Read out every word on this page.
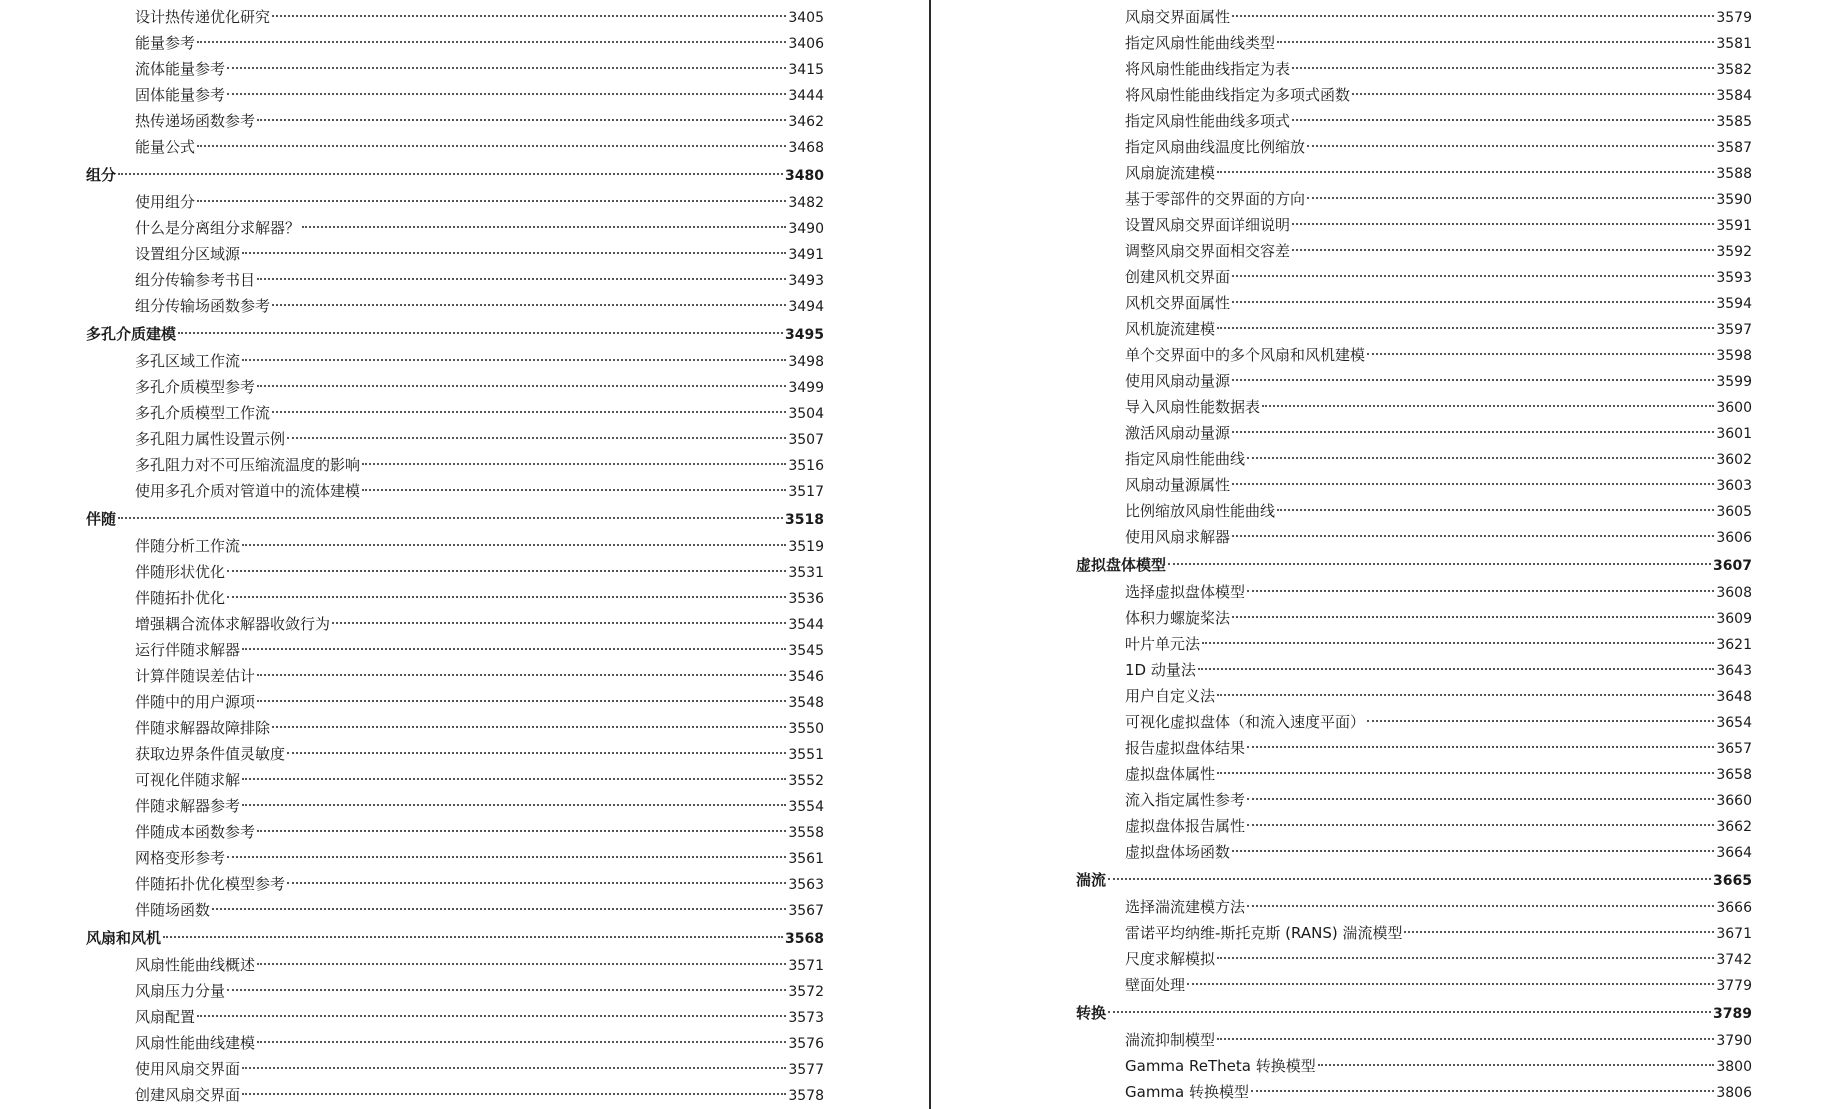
设计热传递优化研究	3405
能量参考	3406
流体能量参考	3415
固体能量参考	3444
热传递场函数参考	3462
能量公式	3468
组分	3480
使用组分	3482
什么是分离组分求解器？	3490
设置组分区域源	3491
组分传输参考书目	3493
组分传输场函数参考	3494
多孔介质建模	3495
多孔区域工作流	3498
多孔介质模型参考	3499
多孔介质模型工作流	3504
多孔阻力属性设置示例	3507
多孔阻力对不可压缩流温度的影响	3516
使用多孔介质对管道中的流体建模	3517
伴随	3518
伴随分析工作流	3519
伴随形状优化	3531
伴随拓扑优化	3536
增强耦合流体求解器收敛行为	3544
运行伴随求解器	3545
计算伴随误差估计	3546
伴随中的用户源项	3548
伴随求解器故障排除	3550
获取边界条件值灵敏度	3551
可视化伴随求解	3552
伴随求解器参考	3554
伴随成本函数参考	3558
网格变形参考	3561
伴随拓扑优化模型参考	3563
伴随场函数	3567
风扇和风机	3568
风扇性能曲线概述	3571
风扇压力分量	3572
风扇配置	3573
风扇性能曲线建模	3576
使用风扇交界面	3577
创建风扇交界面	3578
风扇交界面属性	3579
指定风扇性能曲线类型	3581
将风扇性能曲线指定为表	3582
将风扇性能曲线指定为多项式函数	3584
指定风扇性能曲线多项式	3585
指定风扇曲线温度比例缩放	3587
风扇旋流建模	3588
基于零部件的交界面的方向	3590
设置风扇交界面详细说明	3591
调整风扇交界面相交容差	3592
创建风机交界面	3593
风机交界面属性	3594
风机旋流建模	3597
单个交界面中的多个风扇和风机建模	3598
使用风扇动量源	3599
导入风扇性能数据表	3600
激活风扇动量源	3601
指定风扇性能曲线	3602
风扇动量源属性	3603
比例缩放风扇性能曲线	3605
使用风扇求解器	3606
虚拟盘体模型	3607
选择虚拟盘体模型	3608
体积力螺旋桨法	3609
叶片单元法	3621
1D 动量法	3643
用户自定义法	3648
可视化虚拟盘体（和流入速度平面）	3654
报告虚拟盘体结果	3657
虚拟盘体属性	3658
流入指定属性参考	3660
虚拟盘体报告属性	3662
虚拟盘体场函数	3664
湍流	3665
选择湍流建模方法	3666
雷诺平均纳维-斯托克斯 (RANS) 湍流模型	3671
尺度求解模拟	3742
壁面处理	3779
转换	3789
湍流抑制模型	3790
Gamma ReTheta 转换模型	3800
Gamma 转换模型	3806
